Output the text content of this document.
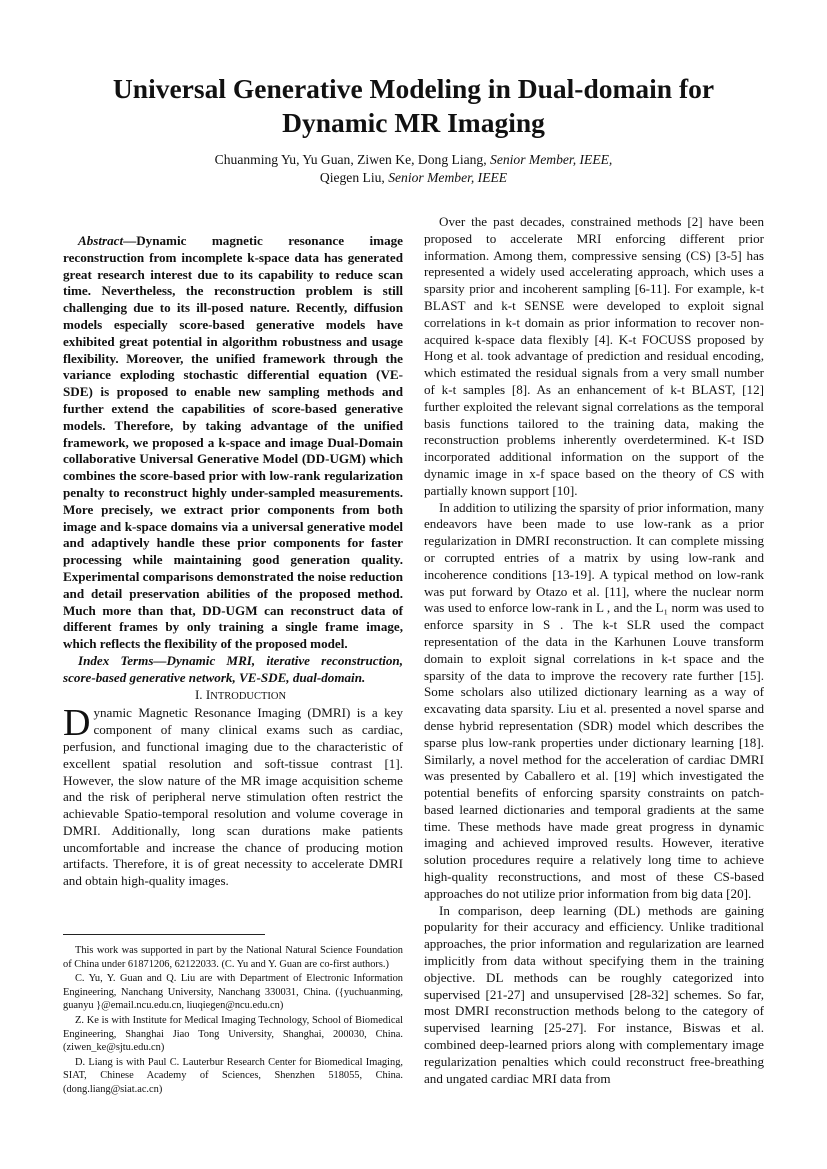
Universal Generative Modeling in Dual-domain for
Dynamic MR Imaging
Chuanming Yu, Yu Guan, Ziwen Ke, Dong Liang, Senior Member, IEEE,
Qiegen Liu, Senior Member, IEEE

Abstract—Dynamic magnetic resonance image reconstruction from incomplete k-space data has generated great research interest due to its capability to reduce scan time. Nevertheless, the reconstruction problem is still challenging due to its ill-posed nature. Recently, diffusion models especially score-based generative models have exhibited great potential in algorithm robustness and usage flexibility. Moreover, the unified framework through the variance exploding stochastic differential equation (VE-SDE) is proposed to enable new sampling methods and further extend the capabilities of score-based generative models. Therefore, by taking advantage of the unified framework, we proposed a k-space and image Dual-Domain collaborative Universal Generative Model (DD-UGM) which combines the score-based prior with low-rank regularization penalty to reconstruct highly under-sampled measurements. More precisely, we extract prior components from both image and k-space domains via a universal generative model and adaptively handle these prior components for faster processing while maintaining good generation quality. Experimental comparisons demonstrated the noise reduction and detail preservation abilities of the proposed method. Much more than that, DD-UGM can reconstruct data of different frames by only training a single frame image, which reflects the flexibility of the proposed model.

Index Terms—Dynamic MRI, iterative reconstruction, score-based generative network, VE-SDE, dual-domain.

I. INTRODUCTION

Dynamic Magnetic Resonance Imaging (DMRI) is a key component of many clinical exams such as cardiac, perfusion, and functional imaging due to the characteristic of excellent spatial resolution and soft-tissue contrast [1]. However, the slow nature of the MR image acquisition scheme and the risk of peripheral nerve stimulation often restrict the achievable Spatio-temporal resolution and volume coverage in DMRI. Additionally, long scan durations make patients uncomfortable and increase the chance of producing motion artifacts. Therefore, it is of great necessity to accelerate DMRI and obtain high-quality images.

This work was supported in part by the National Natural Science Foundation of China under 61871206, 62122033. (C. Yu and Y. Guan are co-first authors.)

C. Yu, Y. Guan and Q. Liu are with Department of Electronic Information Engineering, Nanchang University, Nanchang 330031, China. ({yuchuanming, guanyu }@email.ncu.edu.cn, liuqiegen@ncu.edu.cn)

Z. Ke is with Institute for Medical Imaging Technology, School of Biomedical Engineering, Shanghai Jiao Tong University, Shanghai, 200030, China. (ziwen_ke@sjtu.edu.cn)

D. Liang is with Paul C. Lauterbur Research Center for Biomedical Imaging, SIAT, Chinese Academy of Sciences, Shenzhen 518055, China. (dong.liang@siat.ac.cn)

Over the past decades, constrained methods [2] have been proposed to accelerate MRI enforcing different prior information. Among them, compressive sensing (CS) [3-5] has represented a widely used accelerating approach, which uses a sparsity prior and incoherent sampling [6-11]. For example, k-t BLAST and k-t SENSE were developed to exploit signal correlations in k-t domain as prior information to recover non-acquired k-space data flexibly [4]. K-t FOCUSS proposed by Hong et al. took advantage of prediction and residual encoding, which estimated the residual signals from a very small number of k-t samples [8]. As an enhancement of k-t BLAST, [12] further exploited the relevant signal correlations as the temporal basis functions tailored to the training data, making the reconstruction problems inherently overdetermined. K-t ISD incorporated additional information on the support of the dynamic image in x-f space based on the theory of CS with partially known support [10].

In addition to utilizing the sparsity of prior information, many endeavors have been made to use low-rank as a prior regularization in DMRI reconstruction. It can complete missing or corrupted entries of a matrix by using low-rank and incoherence conditions [13-19]. A typical method on low-rank was put forward by Otazo et al. [11], where the nuclear norm was used to enforce low-rank in L , and the L₁ norm was used to enforce sparsity in S . The k-t SLR used the compact representation of the data in the Karhunen Louve transform domain to exploit signal correlations in k-t space and the sparsity of the data to improve the recovery rate further [15]. Some scholars also utilized dictionary learning as a way of excavating data sparsity. Liu et al. presented a novel sparse and dense hybrid representation (SDR) model which describes the sparse plus low-rank properties under dictionary learning [18]. Similarly, a novel method for the acceleration of cardiac DMRI was presented by Caballero et al. [19] which investigated the potential benefits of enforcing sparsity constraints on patch-based learned dictionaries and temporal gradients at the same time. These methods have made great progress in dynamic imaging and achieved improved results. However, iterative solution procedures require a relatively long time to achieve high-quality reconstructions, and most of these CS-based approaches do not utilize prior information from big data [20].

In comparison, deep learning (DL) methods are gaining popularity for their accuracy and efficiency. Unlike traditional approaches, the prior information and regularization are learned implicitly from data without specifying them in the training objective. DL methods can be roughly categorized into supervised [21-27] and unsupervised [28-32] schemes. So far, most DMRI reconstruction methods belong to the category of supervised learning [25-27]. For instance, Biswas et al. combined deep-learned priors along with complementary image regularization penalties which could reconstruct free-breathing and ungated cardiac MRI data from
